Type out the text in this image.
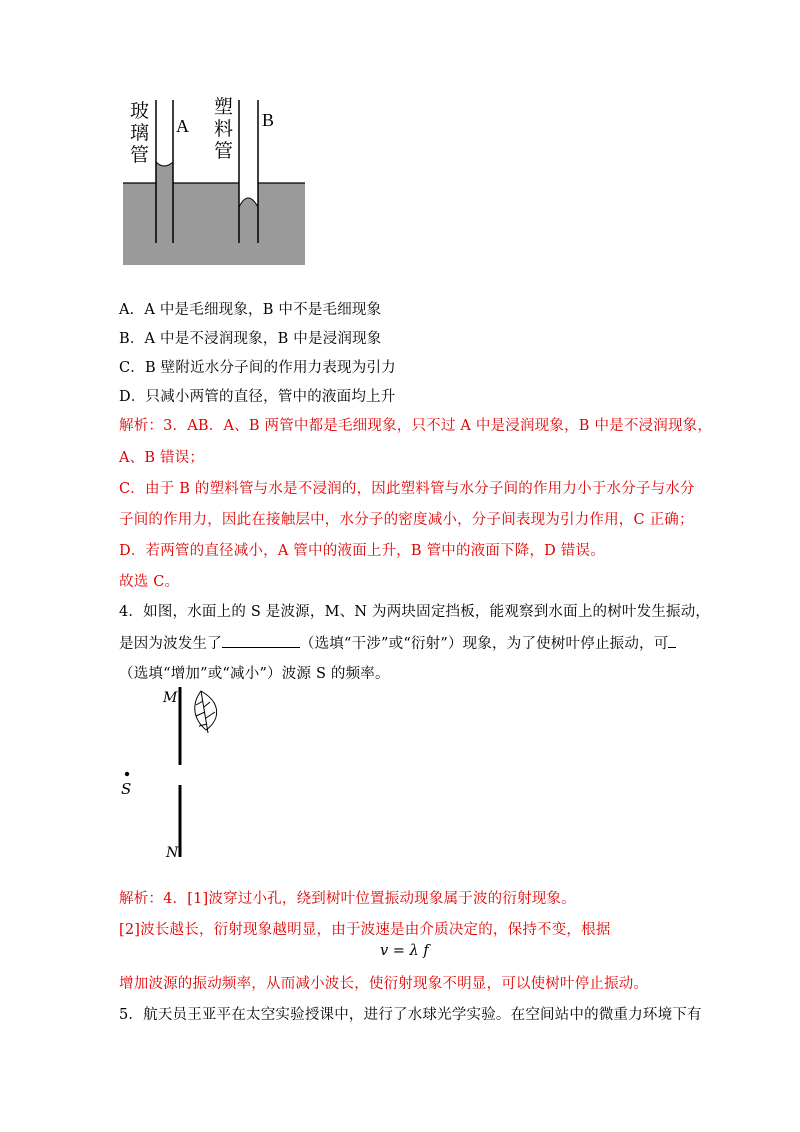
玻
璃
管
A
塑
料
管
B
A．A 中是毛细现象，B 中不是毛细现象
B．A 中是不浸润现象，B 中是浸润现象
C．B 壁附近水分子间的作用力表现为引力
D．只减小两管的直径，管中的液面均上升
解析：3．AB．A、B 两管中都是毛细现象，只不过 A 中是浸润现象，B 中是不浸润现象，
A、B 错误；
C．由于 B 的塑料管与水是不浸润的，因此塑料管与水分子间的作用力小于水分子与水分
子间的作用力，因此在接触层中，水分子的密度减小，分子间表现为引力作用，C 正确；
D．若两管的直径减小，A 管中的液面上升，B 管中的液面下降，D 错误。
故选 C。
4．如图，水面上的 S 是波源，M、N 为两块固定挡板，能观察到水面上的树叶发生振动，
是因为波发生了	（选填“干涉”或“衍射”）现象，为了使树叶停止振动，可
（选填“增加”或“减小”）波源 S 的频率。
M
S
N
解析：4．[1]波穿过小孔，绕到树叶位置振动现象属于波的衍射现象。
[2]波长越长，衍射现象越明显，由于波速是由介质决定的，保持不变，根据
v = λ f
增加波源的振动频率，从而减小波长，使衍射现象不明显，可以使树叶停止振动。
5．航天员王亚平在太空实验授课中，进行了水球光学实验。在空间站中的微重力环境下有
